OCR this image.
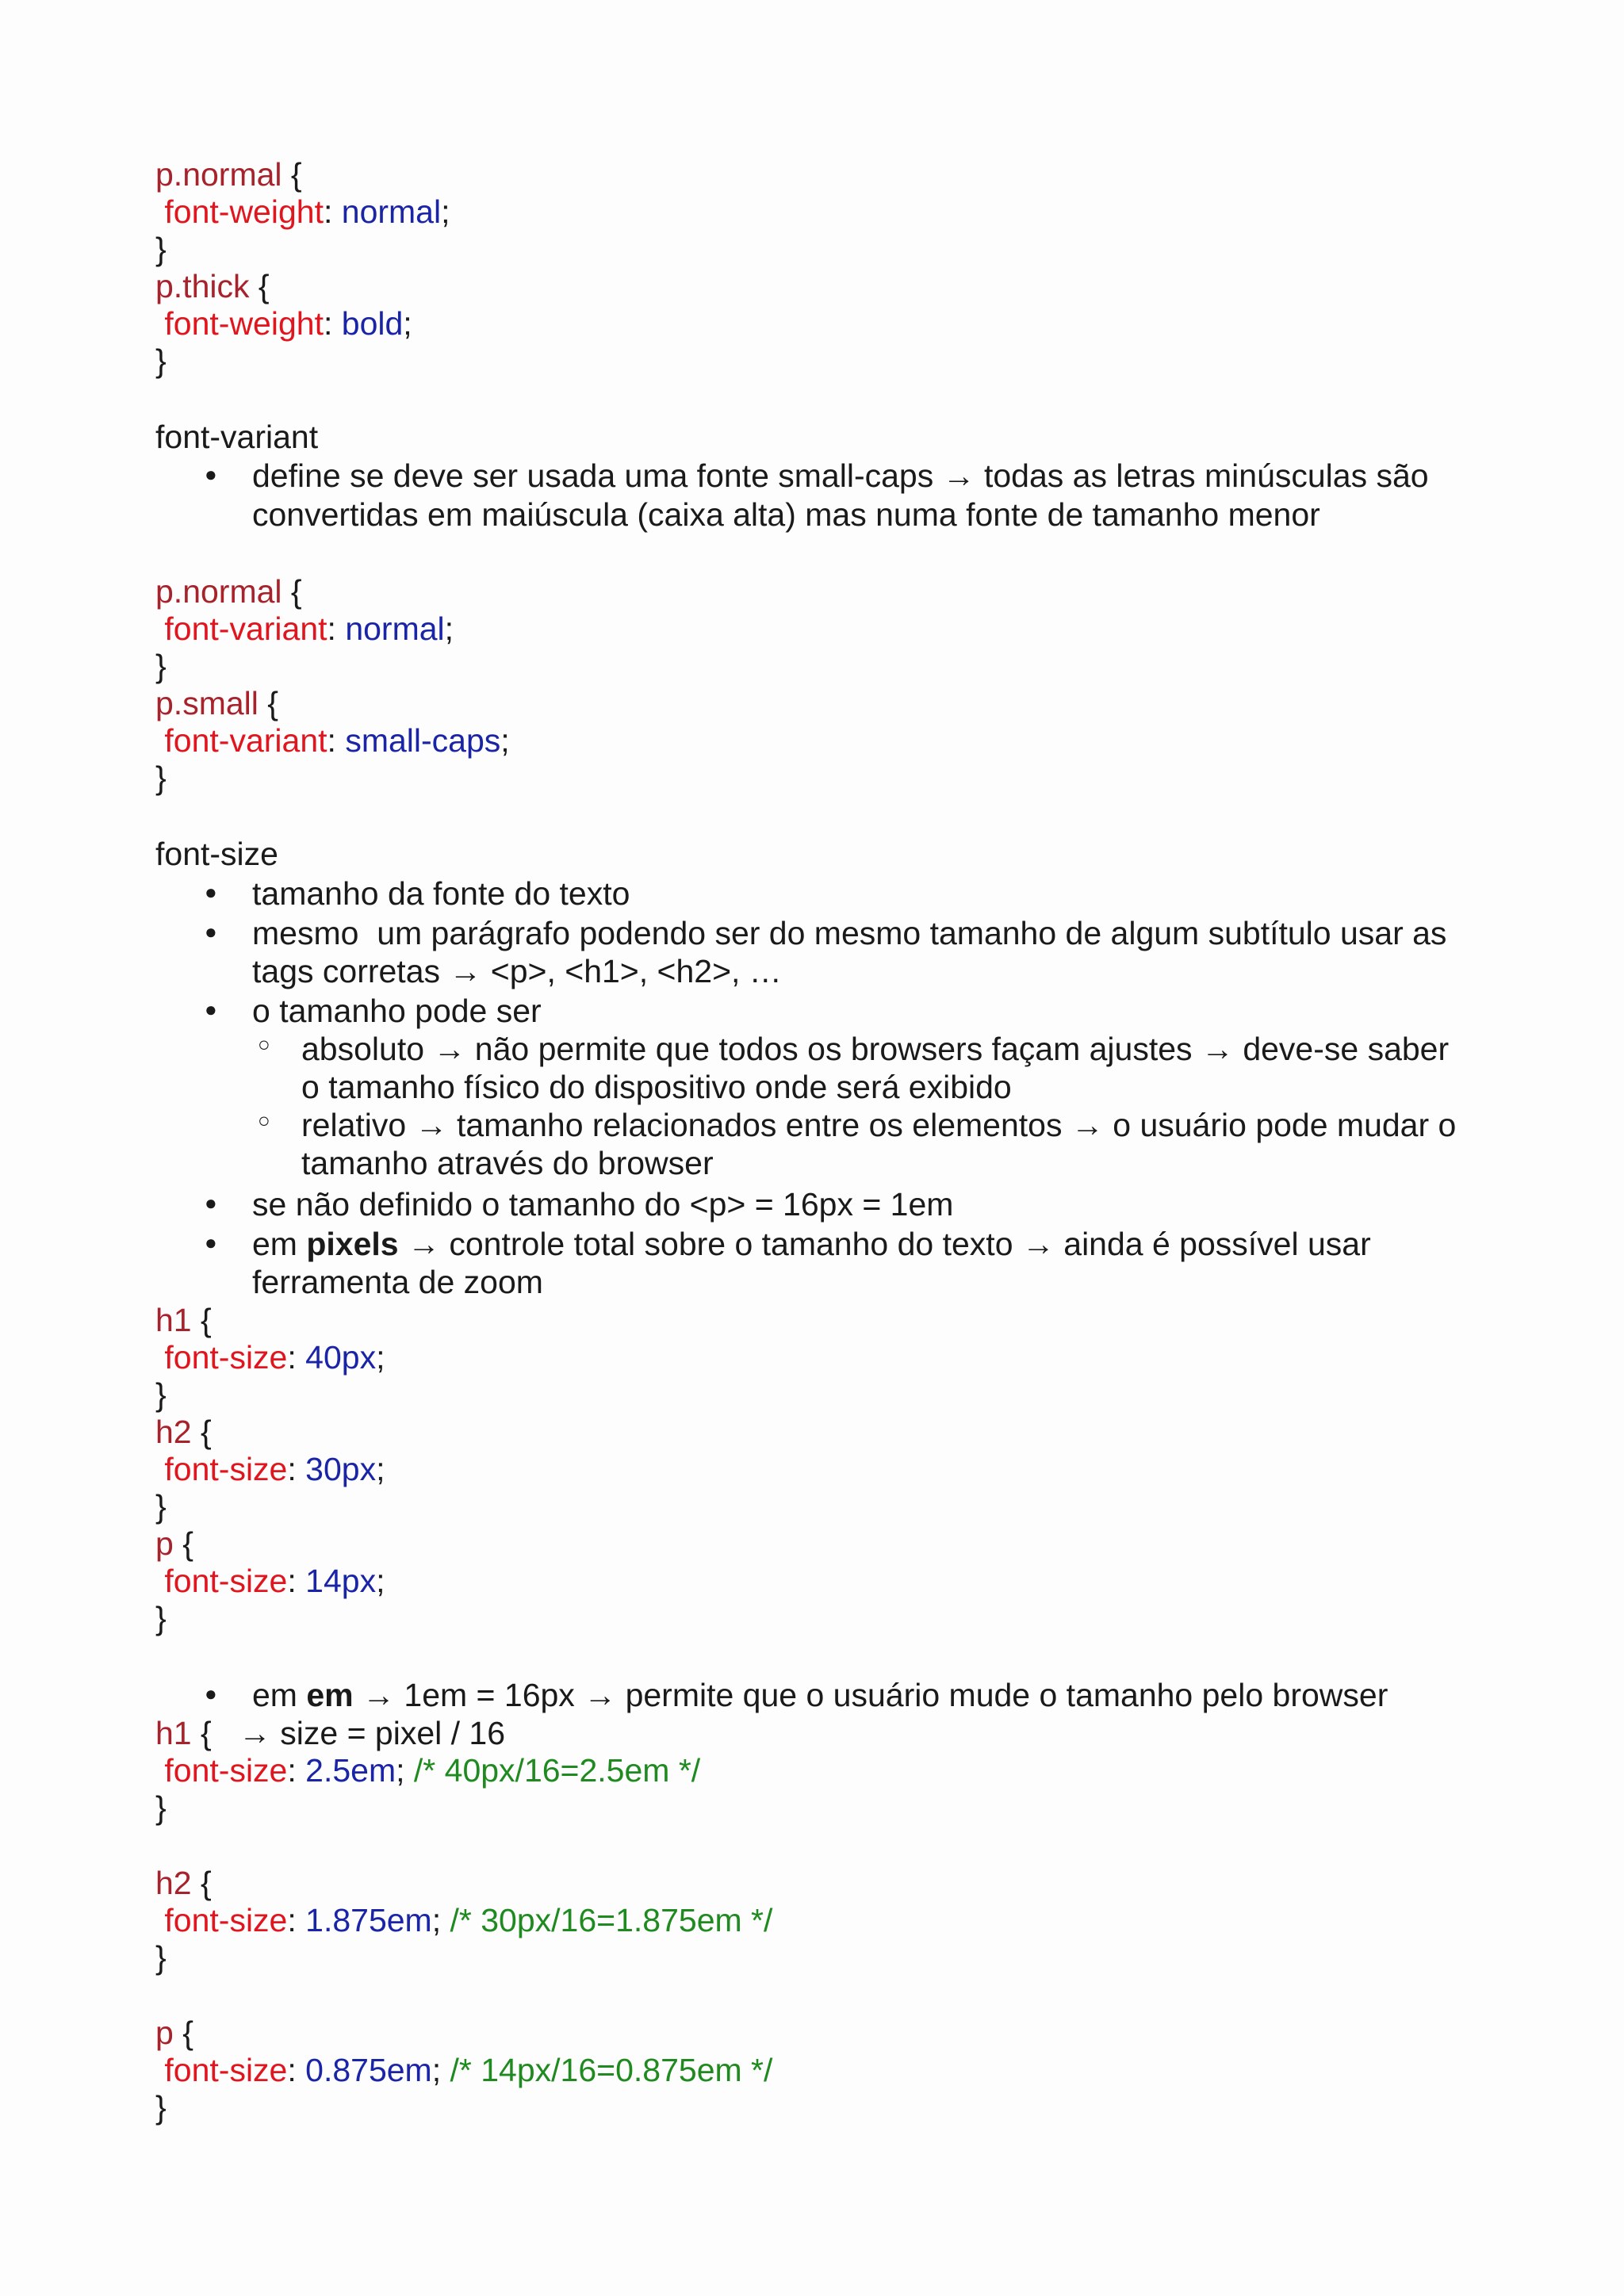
p.normal {
font-weight: normal;
}
p.thick {
font-weight: bold;
}
font-variant
● define se deve ser usada uma fonte small-caps → todas as letras minúsculas são
convertidas em maiúscula (caixa alta) mas numa fonte de tamanho menor
p.normal {
font-variant: normal;
}
p.small {
font-variant: small-caps;
}
font-size
● tamanho da fonte do texto
● mesmo  um parágrafo podendo ser do mesmo tamanho de algum subtítulo usar as
tags corretas → <p>, <h1>, <h2>, …
● o tamanho pode ser
○ absoluto → não permite que todos os browsers façam ajustes → deve-se saber
o tamanho físico do dispositivo onde será exibido
○ relativo → tamanho relacionados entre os elementos → o usuário pode mudar o
tamanho através do browser
● se não definido o tamanho do <p> = 16px = 1em
● em pixels → controle total sobre o tamanho do texto → ainda é possível usar
ferramenta de zoom
h1 {
font-size: 40px;
}
h2 {
font-size: 30px;
}
p {
font-size: 14px;
}
● em em → 1em = 16px → permite que o usuário mude o tamanho pelo browser
h1 {   → size = pixel / 16
font-size: 2.5em; /* 40px/16=2.5em */
}
h2 {
font-size: 1.875em; /* 30px/16=1.875em */
}
p {
font-size: 0.875em; /* 14px/16=0.875em */
}
